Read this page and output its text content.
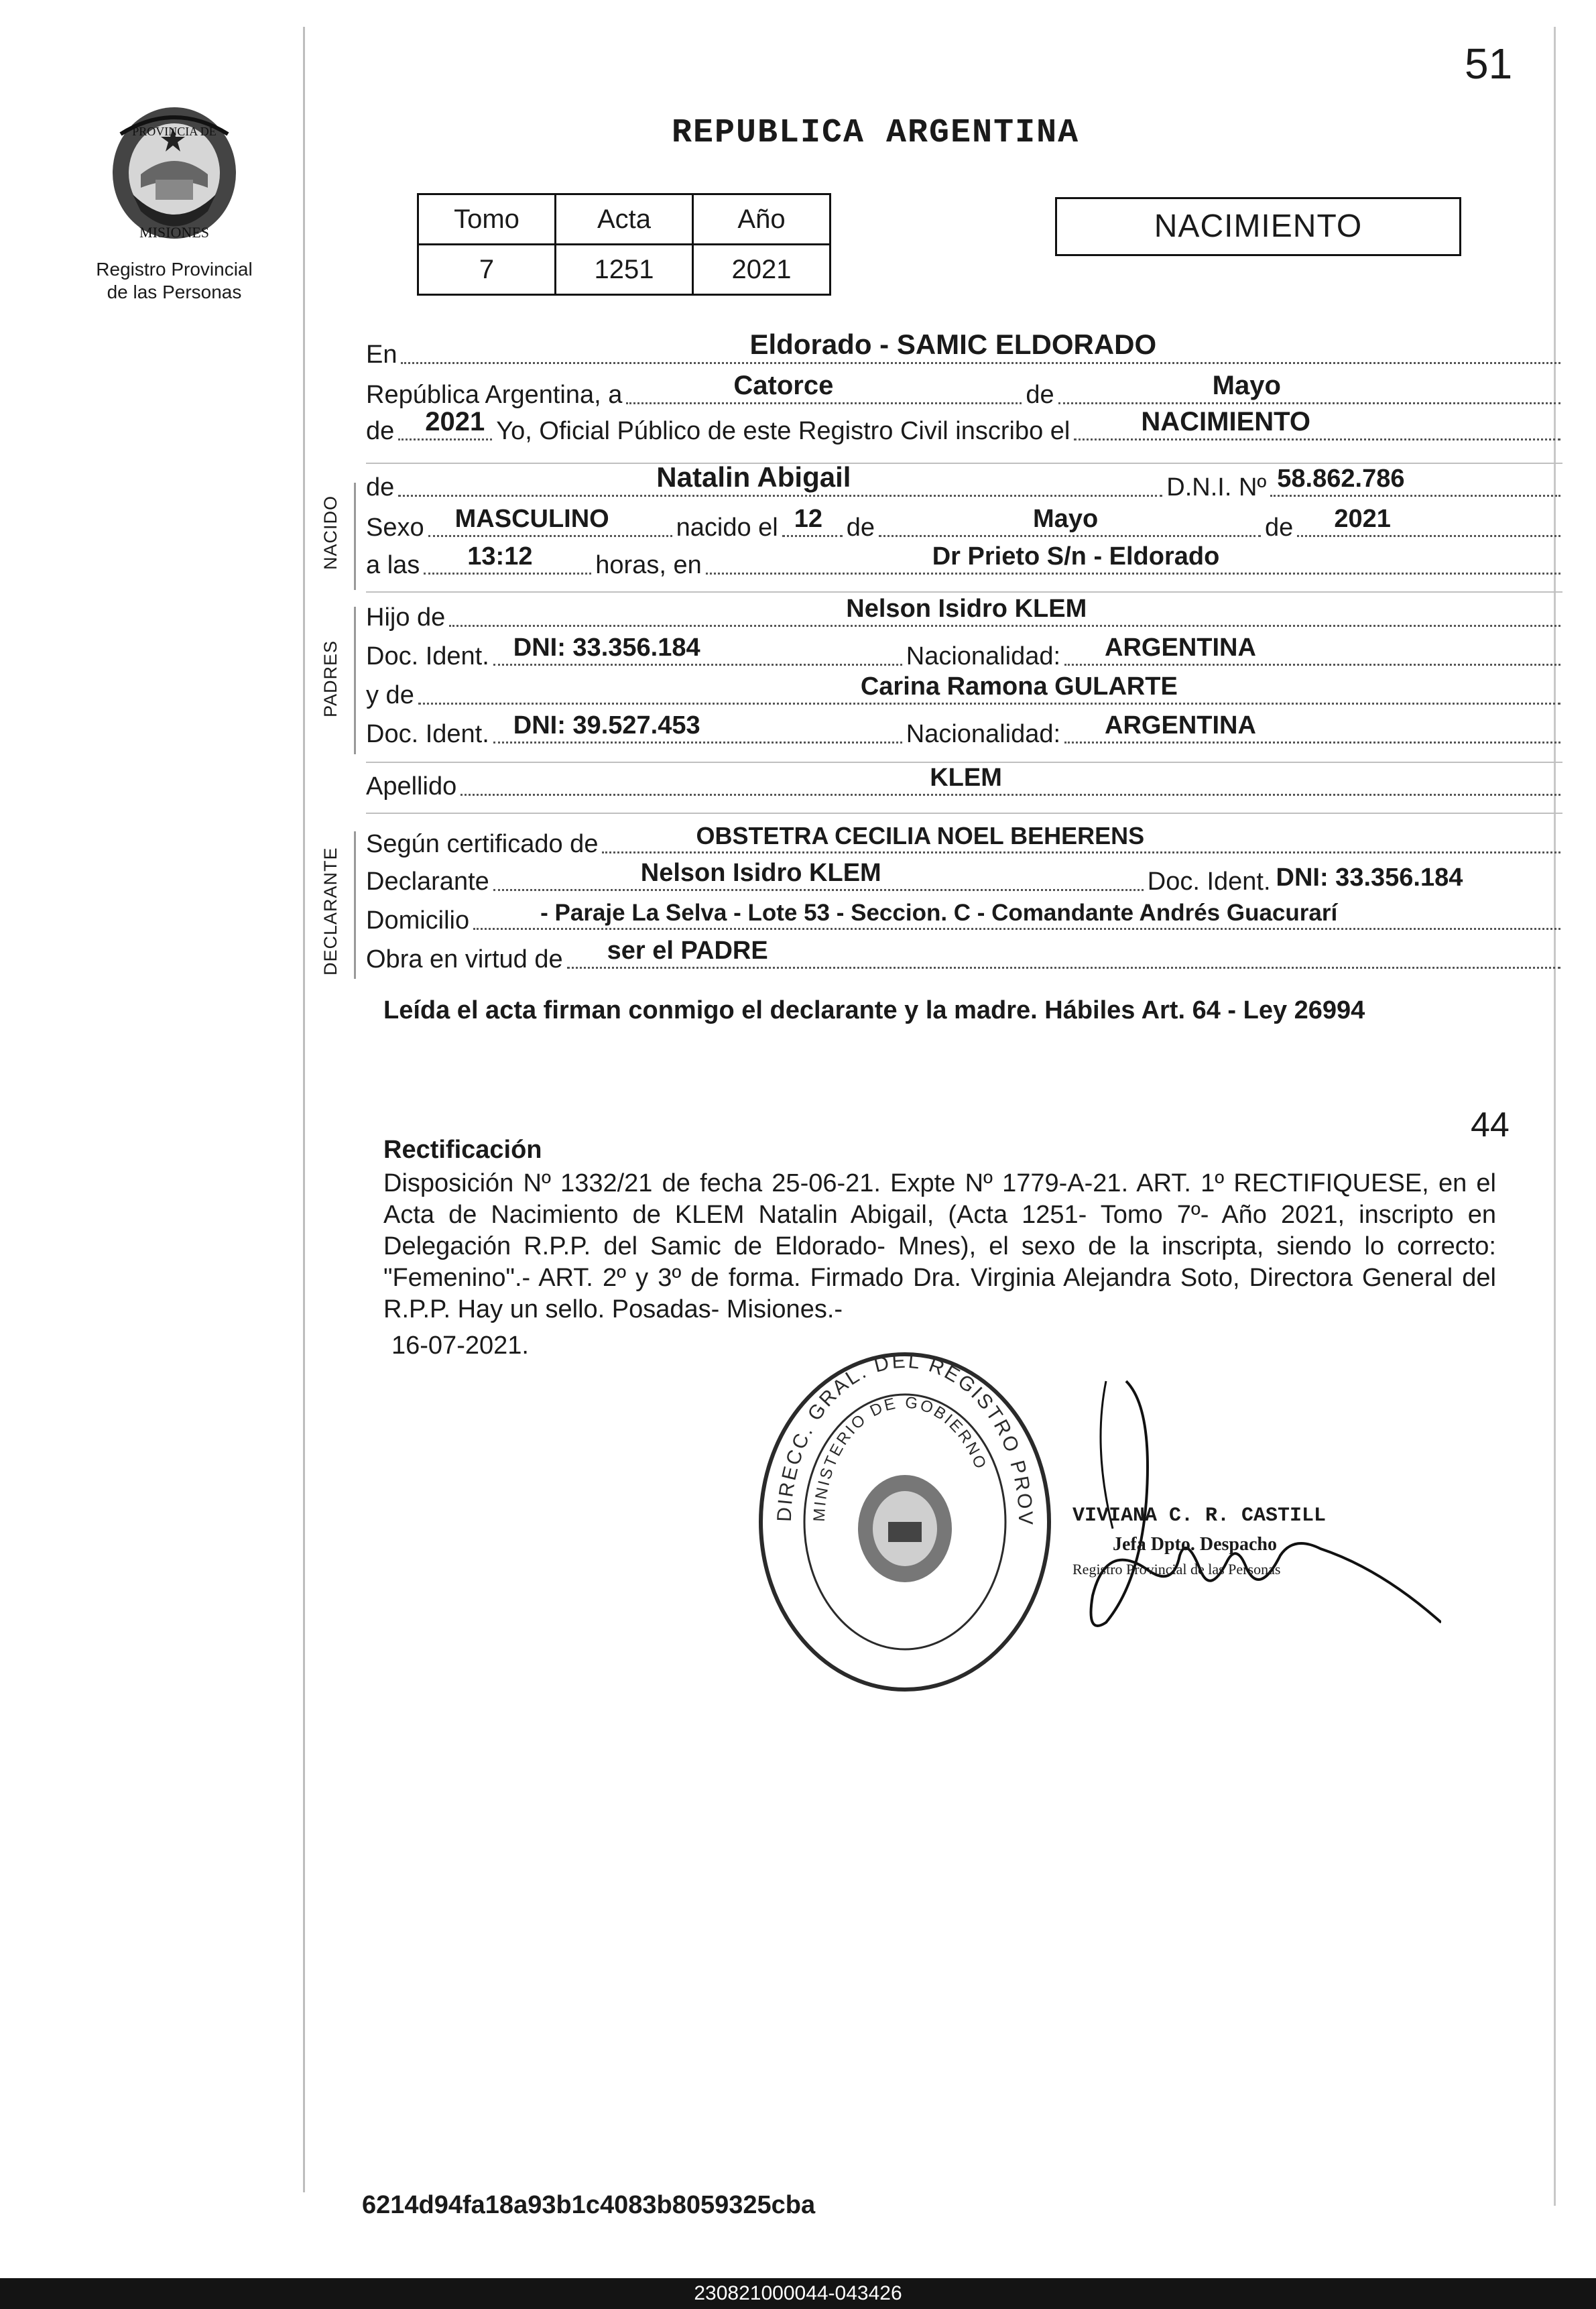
51
PROVINCIA DE
MISIONES
Registro Provincial
de las Personas
REPUBLICA ARGENTINA
Tomo	Acta	Año
7	1251	2021
NACIMIENTO
En	Eldorado - SAMIC ELDORADO
República Argentina, a	Catorce	de	Mayo
de 2021 Yo, Oficial Público de este Registro Civil inscribo el	NACIMIENTO
NACIDO
de	Natalin Abigail	D.N.I. Nº 58.862.786
Sexo MASCULINO	nacido el 12 de	Mayo	de 2021
a las 13:12 horas, en	Dr Prieto S/n - Eldorado
PADRES
Hijo de	Nelson Isidro KLEM
Doc. Ident. DNI: 33.356.184	Nacionalidad: ARGENTINA
y de	Carina Ramona GULARTE
Doc. Ident. DNI: 39.527.453	Nacionalidad: ARGENTINA
Apellido	KLEM
DECLARANTE
Según certificado de	OBSTETRA CECILIA NOEL BEHERENS
Declarante	Nelson Isidro KLEM	Doc. Ident. DNI: 33.356.184
Domicilio	- Paraje La Selva - Lote 53 - Seccion. C - Comandante Andrés Guacurarí
Obra en virtud de ser el PADRE
Leída el acta firman conmigo el declarante y la madre. Hábiles Art. 64 - Ley 26994
44
Rectificación
Disposición Nº 1332/21 de fecha 25-06-21. Expte Nº 1779-A-21. ART. 1º RECTIFIQUESE, en el Acta de Nacimiento de KLEM Natalin Abigail, (Acta 1251- Tomo 7º- Año 2021, inscripto en Delegación R.P.P. del Samic de Eldorado- Mnes), el sexo de la inscripta, siendo lo correcto: "Femenino".- ART. 2º y 3º de forma. Firmado Dra. Virginia Alejandra Soto, Directora General del R.P.P. Hay un sello. Posadas- Misiones.-
16-07-2021.
DIRECC. GRAL. DEL REGISTRO PROV
MINISTERIO DE GOBIERNO
VIVIANA C. R. CASTILL
Jefa Dpto. Despacho
Registro Provincial de las Personas
6214d94fa18a93b1c4083b8059325cba
230821000044-043426
